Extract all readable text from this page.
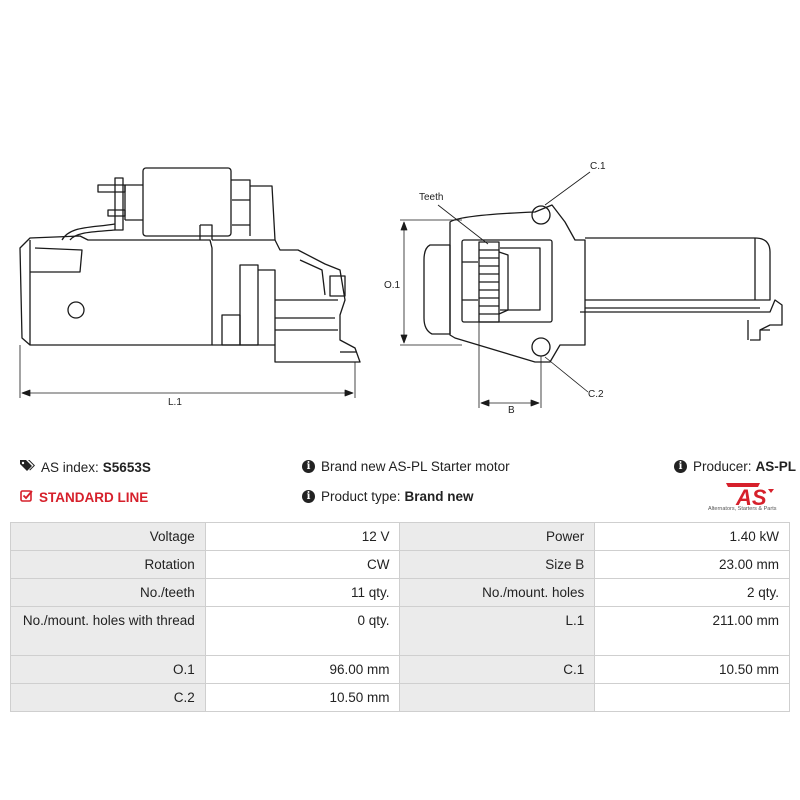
L.1
O.1
C.1
C.2
B
Teeth
AS index: S5653S
STANDARD LINE
i Brand new AS-PL Starter motor
i Product type: Brand new
i Producer: AS-PL
AS
Alternators, Starters & Parts
Voltage	12 V	Power	1.40 kW
Rotation	CW	Size B	23.00 mm
No./teeth	11 qty.	No./mount. holes	2 qty.
No./mount. holes with thread	0 qty.	L.1	211.00 mm
O.1	96.00 mm	C.1	10.50 mm
C.2	10.50 mm		
